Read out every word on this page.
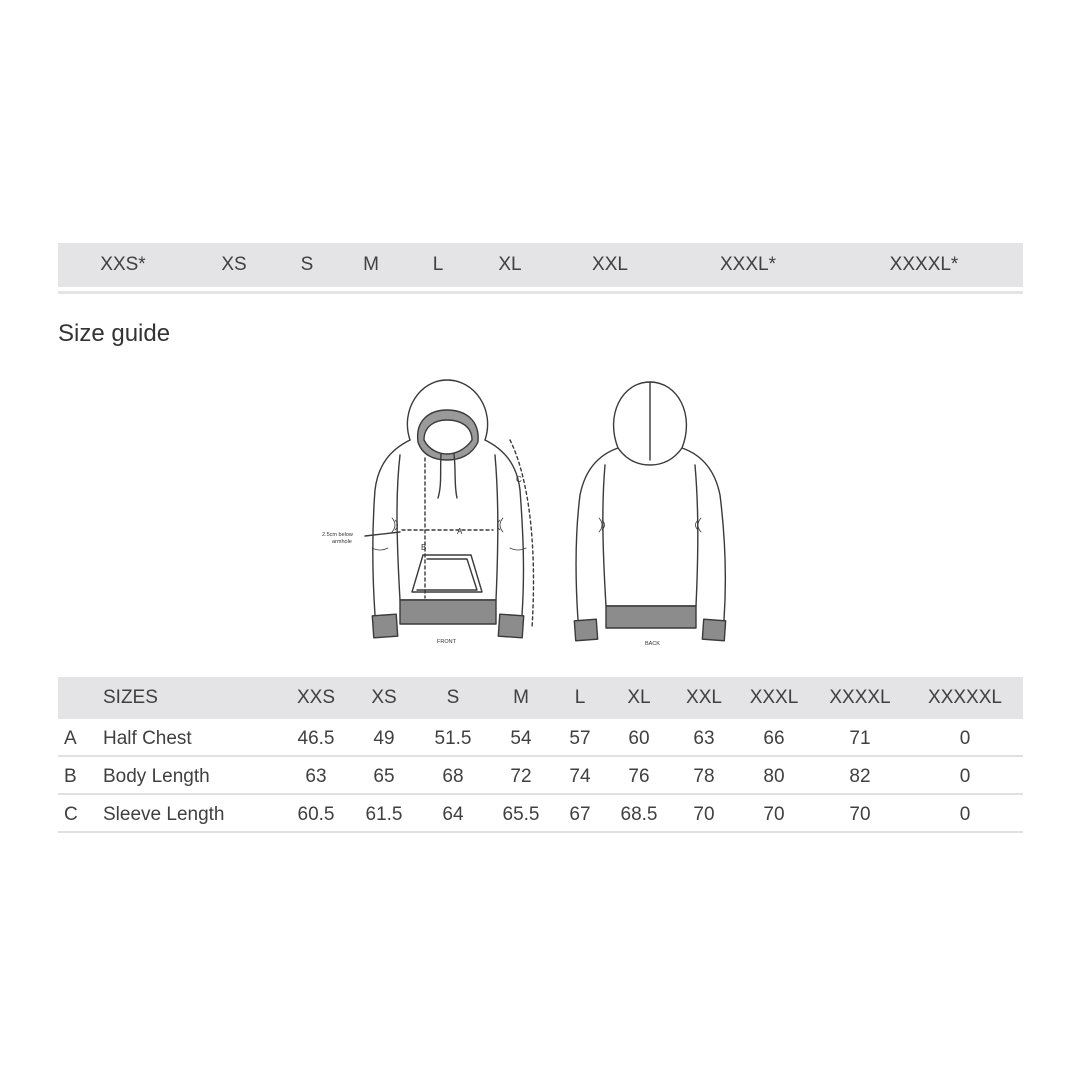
XXS*	XS	S	M	L	XL	XXL	XXXL*	XXXXL*
Size guide
2.5cm below
armhole
A
B
C
FRONT	BACK
SIZES	XXS XS	S	M L XL XXL XXXL XXXXL XXXXXL
A Half Chest	46.5 49 51.5 54 57 60 63	66	71	0
B Body Length	63 65	68 72 74 76 78	80	82	0
C Sleeve Length	60.5 61.5 64 65.5 67 68.5 70	70	70	0
